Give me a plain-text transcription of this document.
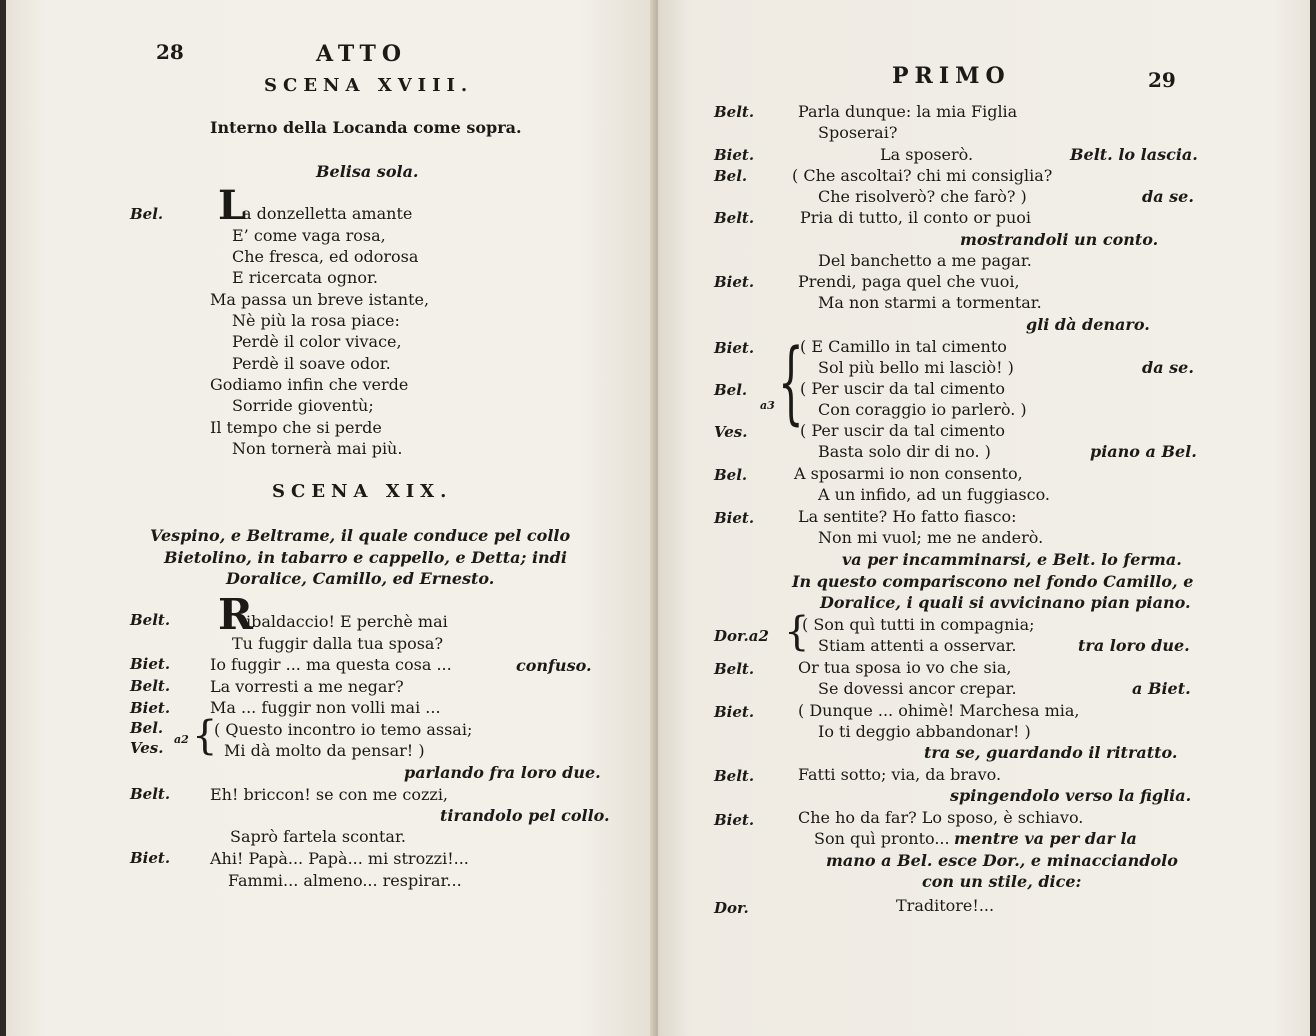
28	ATTO
SCENA XVIII.
Interno della Locanda come sopra.
Belisa sola.
Bel. L
a donzelletta amante
E’ come vaga rosa,
Che fresca, ed odorosa
E ricercata ognor.
Ma passa un breve istante,
Nè più la rosa piace:
Perdè il color vivace,
Perdè il soave odor.
Godiamo infin che verde
Sorride gioventù;
Il tempo che si perde
Non tornerà mai più.
SCENA XIX.
Vespino, e Beltrame, il quale conduce pel collo
Bietolino, in tabarro e cappello, e Detta; indi
Doralice, Camillo, ed Ernesto.
Belt. R
ibaldaccio! E perchè mai
Tu fuggir dalla tua sposa?
Biet. Io fuggir ... ma questa cosa ...	confuso.
Belt. La vorresti a me negar?
Biet. Ma ... fuggir non volli mai ...
Bel.
Ves. a2 {
( Questo incontro io temo assai;
Mi dà molto da pensar! )
parlando fra loro due.
Belt. Eh! briccon! se con me cozzi,
tirandolo pel collo.
Saprò fartela scontar.
Biet. Ahi! Papà... Papà... mi strozzi!...
Fammi... almeno... respirar...
PRIMO	29
Belt.	Parla dunque: la mia Figlia
Sposerai?
Biet.	La sposerò.	Belt. lo lascia.
Bel.	( Che ascoltai? chi mi consiglia?
Che risolverò? che farò? )	da se.
Belt.	Pria di tutto, il conto or puoi
mostrandoli un conto.
Del banchetto a me pagar.
Biet.	Prendi, paga quel che vuoi,
Ma non starmi a tormentar.
gli dà denaro.
Biet.	( E Camillo in tal cimento
Sol più bello mi lasciò! )	da se.
Bel.
a3 {
( Per uscir da tal cimento
Con coraggio io parlerò. )
Ves.	( Per uscir da tal cimento
Basta solo dir di no. )	piano a Bel.
Bel.	A sposarmi io non consento,
A un infido, ad un fuggiasco.
Biet.	La sentite? Ho fatto fiasco:
Non mi vuol; me ne anderò.
va per incamminarsi, e Belt. lo ferma.
In questo compariscono nel fondo Camillo, e
Doralice, i quali si avvicinano pian piano.
Dor.a2 {
( Son quì tutti in compagnia;
Stiam attenti a osservar.	tra loro due.
Belt.	Or tua sposa io vo che sia,
Se dovessi ancor crepar.	a Biet.
Biet.	( Dunque ... ohimè! Marchesa mia,
Io ti deggio abbandonar! )
tra se, guardando il ritratto.
Belt.	Fatti sotto; via, da bravo.
spingendolo verso la figlia.
Biet.	Che ho da far? Lo sposo, è schiavo.
Son quì pronto... mentre va per dar la
mano a Bel. esce Dor., e minacciandolo
con un stile, dice:
Dor.	Traditore!...
